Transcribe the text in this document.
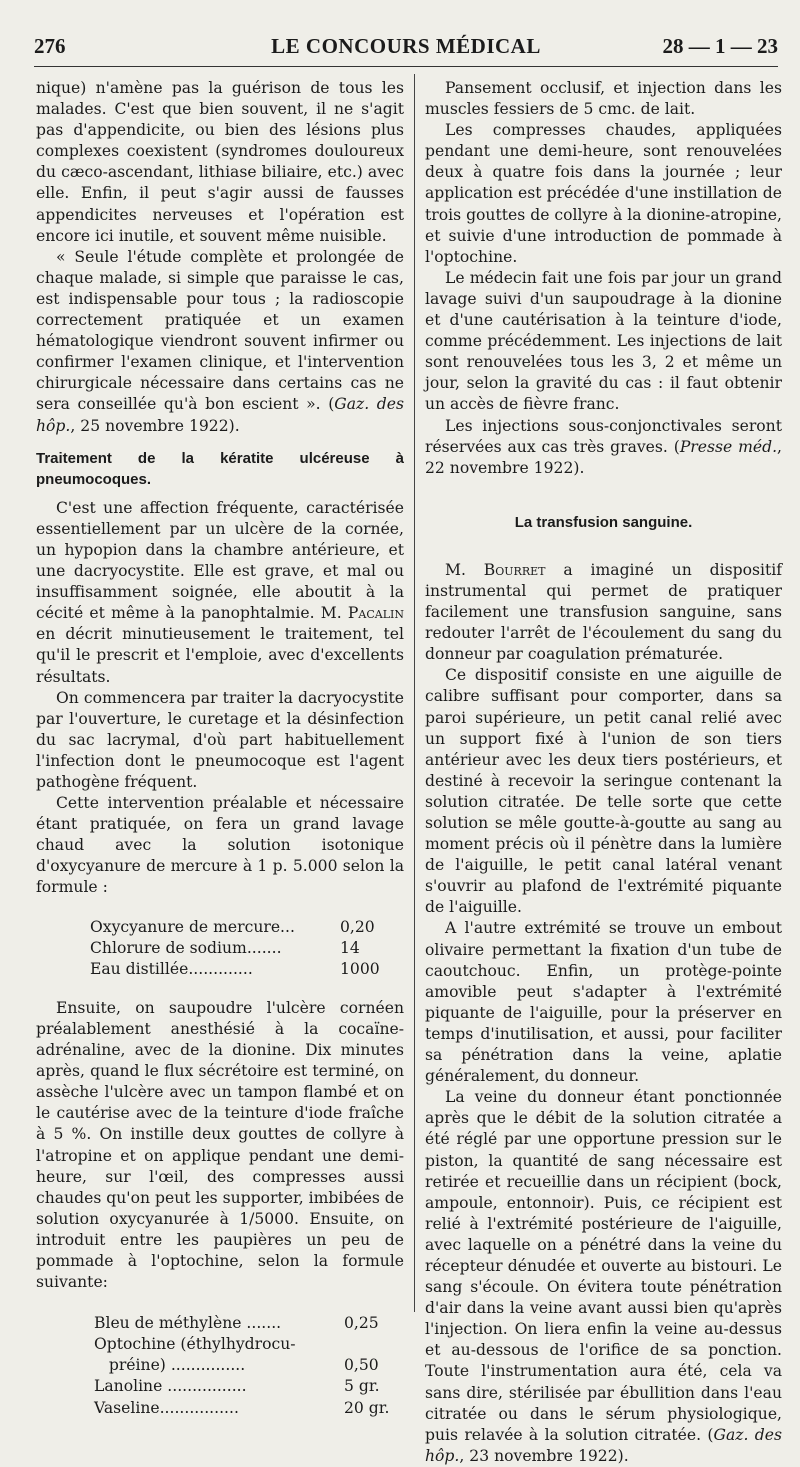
276	LE CONCOURS MÉDICAL	28 — 1 — 23

nique) n'amène pas la guérison de tous les malades. C'est que bien souvent, il ne s'agit pas d'appendicite, ou bien des lésions plus complexes coexistent (syndromes douloureux du cæco-ascendant, lithiase biliaire, etc.) avec elle. Enfin, il peut s'agir aussi de fausses appendicites nerveuses et l'opération est encore ici inutile, et souvent même nuisible.

« Seule l'étude complète et prolongée de chaque malade, si simple que paraisse le cas, est indispensable pour tous ; la radioscopie correctement pratiquée et un examen hématologique viendront souvent infirmer ou confirmer l'examen clinique, et l'intervention chirurgicale nécessaire dans certains cas ne sera conseillée qu'à bon escient ». (Gaz. des hôp., 25 novembre 1922).

Traitement de la kératite ulcéreuse à pneumocoques.

C'est une affection fréquente, caractérisée essentiellement par un ulcère de la cornée, un hypopion dans la chambre antérieure, et une dacryocystite. Elle est grave, et mal ou insuffisamment soignée, elle aboutit à la cécité et même à la panophtalmie. M. Pacalin en décrit minutieusement le traitement, tel qu'il le prescrit et l'emploie, avec d'excellents résultats.

On commencera par traiter la dacryocystite par l'ouverture, le curetage et la désinfection du sac lacrymal, d'où part habituellement l'infection dont le pneumocoque est l'agent pathogène fréquent.

Cette intervention préalable et nécessaire étant pratiquée, on fera un grand lavage chaud avec la solution isotonique d'oxycyanure de mercure à 1 p. 5.000 selon la formule :

Oxycyanure de mercure...	0,20
Chlorure de sodium.......	14
Eau distillée.............	1000

Ensuite, on saupoudre l'ulcère cornéen préalablement anesthésié à la cocaïne-adrénaline, avec de la dionine. Dix minutes après, quand le flux sécrétoire est terminé, on assèche l'ulcère avec un tampon flambé et on le cautérise avec de la teinture d'iode fraîche à 5 %. On instille deux gouttes de collyre à l'atropine et on applique pendant une demi-heure, sur l'œil, des compresses aussi chaudes qu'on peut les supporter, imbibées de solution oxycyanurée à 1/5000. Ensuite, on introduit entre les paupières un peu de pommade à l'optochine, selon la formule suivante:

Bleu de méthylène .......	0,25
Optochine (éthylhydrocu-
préine) ...............	0,50
Lanoline ................	5 gr.
Vaseline................	20 gr.

Pansement occlusif, et injection dans les muscles fessiers de 5 cmc. de lait.

Les compresses chaudes, appliquées pendant une demi-heure, sont renouvelées deux à quatre fois dans la journée ; leur application est précédée d'une instillation de trois gouttes de collyre à la dionine-atropine, et suivie d'une introduction de pommade à l'optochine.

Le médecin fait une fois par jour un grand lavage suivi d'un saupoudrage à la dionine et d'une cautérisation à la teinture d'iode, comme précédemment. Les injections de lait sont renouvelées tous les 3, 2 et même un jour, selon la gravité du cas : il faut obtenir un accès de fièvre franc.

Les injections sous-conjonctivales seront réservées aux cas très graves. (Presse méd., 22 novembre 1922).

La transfusion sanguine.

M. Bourret a imaginé un dispositif instrumental qui permet de pratiquer facilement une transfusion sanguine, sans redouter l'arrêt de l'écoulement du sang du donneur par coagulation prématurée.

Ce dispositif consiste en une aiguille de calibre suffisant pour comporter, dans sa paroi supérieure, un petit canal relié avec un support fixé à l'union de son tiers antérieur avec les deux tiers postérieurs, et destiné à recevoir la seringue contenant la solution citratée. De telle sorte que cette solution se mêle goutte-à-goutte au sang au moment précis où il pénètre dans la lumière de l'aiguille, le petit canal latéral venant s'ouvrir au plafond de l'extrémité piquante de l'aiguille.

A l'autre extrémité se trouve un embout olivaire permettant la fixation d'un tube de caoutchouc. Enfin, un protège-pointe amovible peut s'adapter à l'extrémité piquante de l'aiguille, pour la préserver en temps d'inutilisation, et aussi, pour faciliter sa pénétration dans la veine, aplatie généralement, du donneur.

La veine du donneur étant ponctionnée après que le débit de la solution citratée a été réglé par une opportune pression sur le piston, la quantité de sang nécessaire est retirée et recueillie dans un récipient (bock, ampoule, entonnoir). Puis, ce récipient est relié à l'extrémité postérieure de l'aiguille, avec laquelle on a pénétré dans la veine du récepteur dénudée et ouverte au bistouri. Le sang s'écoule. On évitera toute pénétration d'air dans la veine avant aussi bien qu'après l'injection. On liera enfin la veine au-dessus et au-dessous de l'orifice de sa ponction. Toute l'instrumentation aura été, cela va sans dire, stérilisée par ébullition dans l'eau citratée ou dans le sérum physiologique, puis relavée à la solution citratée. (Gaz. des hôp., 23 novembre 1922).
